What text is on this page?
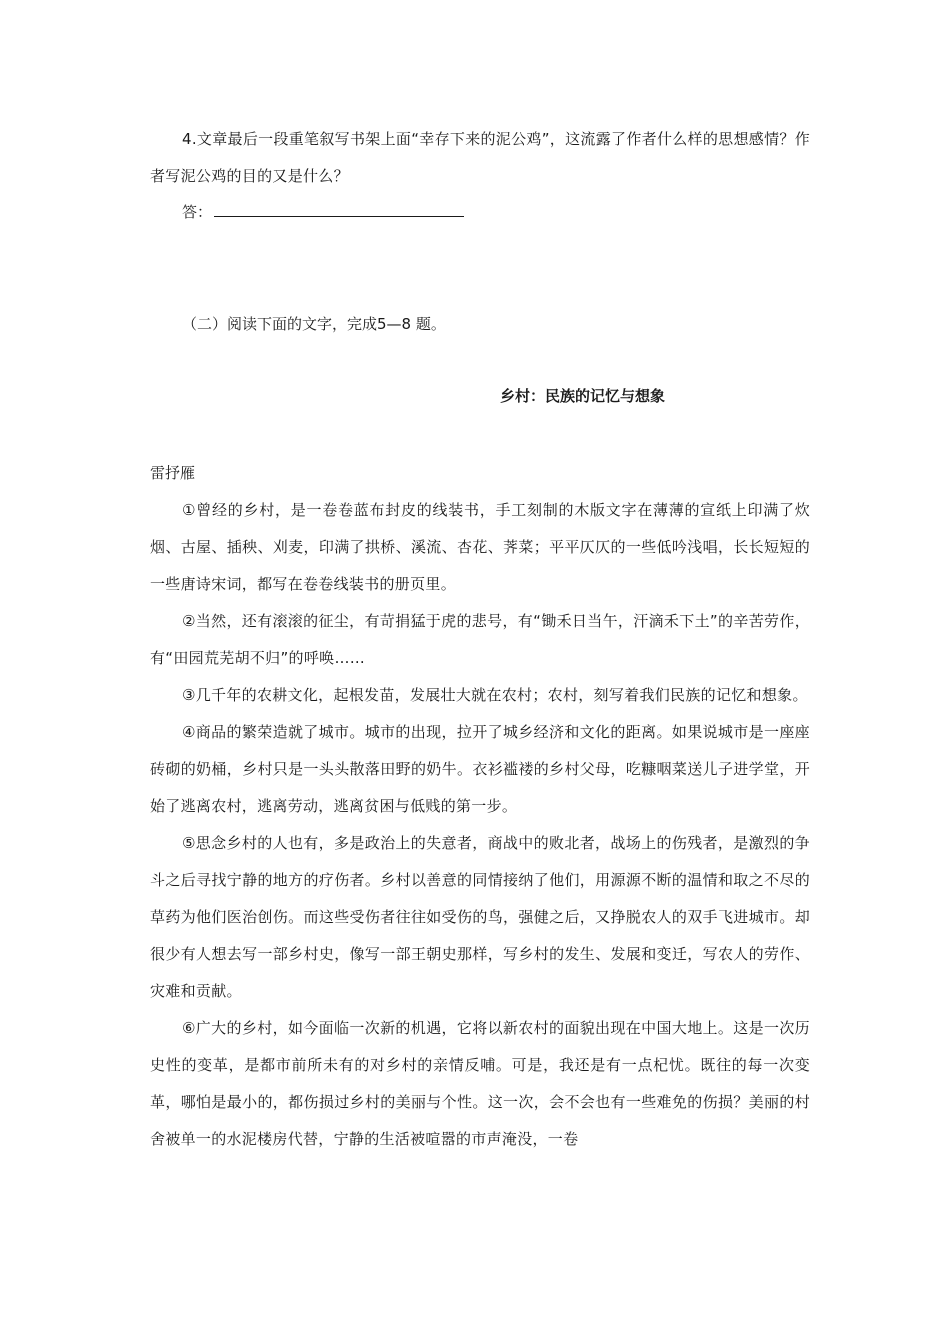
4.文章最后一段重笔叙写书架上面“幸存下来的泥公鸡”，这流露了作者什么样的思想感情？作者写泥公鸡的目的又是什么？

答：
（二）阅读下面的文字，完成5—8 题。
乡村：民族的记忆与想象
雷抒雁

①曾经的乡村，是一卷卷蓝布封皮的线装书，手工刻制的木版文字在薄薄的宣纸上印满了炊烟、古屋、插秧、刈麦，印满了拱桥、溪流、杏花、荠菜；平平仄仄的一些低吟浅唱，长长短短的一些唐诗宋词，都写在卷卷线装书的册页里。

②当然，还有滚滚的征尘，有苛捐猛于虎的悲号，有“锄禾日当午，汗滴禾下土”的辛苦劳作，有“田园荒芜胡不归”的呼唤……

③几千年的农耕文化，起根发苗，发展壮大就在农村；农村，刻写着我们民族的记忆和想象。

④商品的繁荣造就了城市。城市的出现，拉开了城乡经济和文化的距离。如果说城市是一座座砖砌的奶桶，乡村只是一头头散落田野的奶牛。衣衫褴褛的乡村父母，吃糠咽菜送儿子进学堂，开始了逃离农村，逃离劳动，逃离贫困与低贱的第一步。

⑤思念乡村的人也有，多是政治上的失意者，商战中的败北者，战场上的伤残者，是激烈的争斗之后寻找宁静的地方的疗伤者。乡村以善意的同情接纳了他们，用源源不断的温情和取之不尽的草药为他们医治创伤。而这些受伤者往往如受伤的鸟，强健之后，又挣脱农人的双手飞进城市。却很少有人想去写一部乡村史，像写一部王朝史那样，写乡村的发生、发展和变迁，写农人的劳作、灾难和贡献。

⑥广大的乡村，如今面临一次新的机遇，它将以新农村的面貌出现在中国大地上。这是一次历史性的变革，是都市前所未有的对乡村的亲情反哺。可是，我还是有一点杞忧。既往的每一次变革，哪怕是最小的，都伤损过乡村的美丽与个性。这一次，会不会也有一些难免的伤损？美丽的村舍被单一的水泥楼房代替，宁静的生活被喧嚣的市声淹没，一卷
